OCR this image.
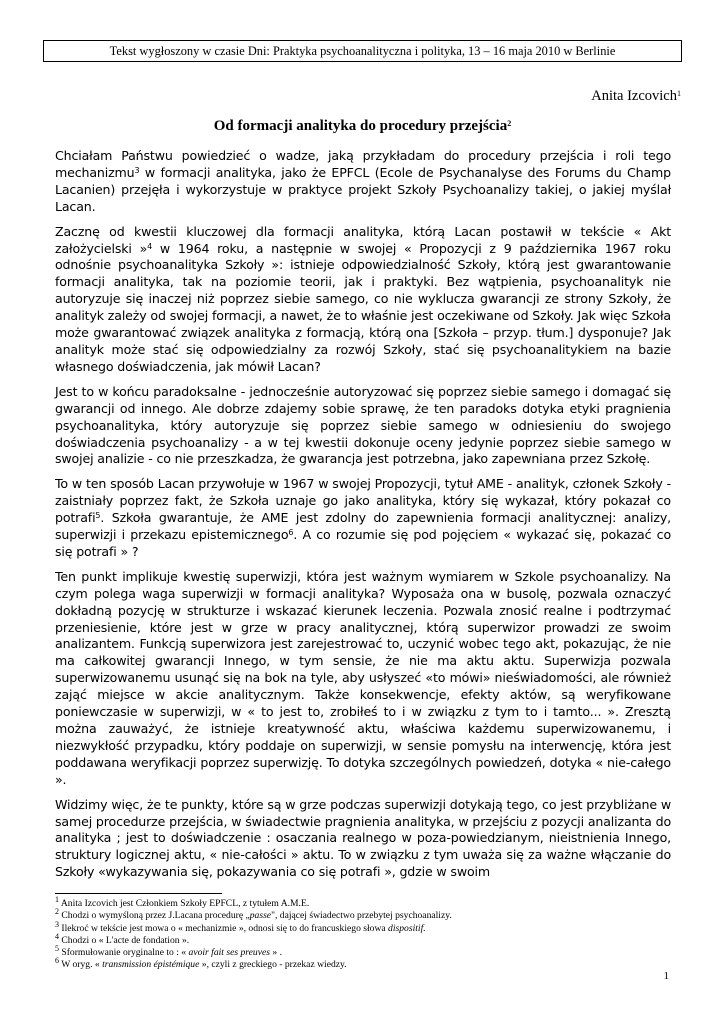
Tekst wygłoszony w czasie Dni: Praktyka psychoanalityczna i polityka, 13 – 16 maja 2010 w Berlinie
Anita Izcovich$^1$
Od formacji analityka do procedury przejścia$^2$

Chciałam Państwu powiedzieć o wadze, jaką przykładam do procedury przejścia i roli tego mechanizmu$^3$ w formacji analityka, jako że EPFCL (Ecole de Psychanalyse des Forums du Champ Lacanien) przejęła i wykorzystuje w praktyce projekt Szkoły Psychoanalizy takiej, o jakiej myślał Lacan.

Zacznę od kwestii kluczowej dla formacji analityka, którą Lacan postawił w tekście « Akt założycielski »$^4$ w 1964 roku, a następnie w swojej « Propozycji z 9 października 1967 roku odnośnie psychoanalityka Szkoły »: istnieje odpowiedzialność Szkoły, którą jest gwarantowanie formacji analityka, tak na poziomie teorii, jak i praktyki. Bez wątpienia, psychoanalityk nie autoryzuje się inaczej niż poprzez siebie samego, co nie wyklucza gwarancji ze strony Szkoły, że analityk zależy od swojej formacji, a nawet, że to właśnie jest oczekiwane od Szkoły. Jak więc Szkoła może gwarantować związek analityka z formacją, którą ona [Szkoła – przyp. tłum.] dysponuje? Jak analityk może stać się odpowiedzialny za rozwój Szkoły, stać się psychoanalitykiem na bazie własnego doświadczenia, jak mówił Lacan?

Jest to w końcu paradoksalne - jednocześnie autoryzować się poprzez siebie samego i domagać się gwarancji od innego. Ale dobrze zdajemy sobie sprawę, że ten paradoks dotyka etyki pragnienia psychoanalityka, który autoryzuje się poprzez siebie samego w odniesieniu do swojego doświadczenia psychoanalizy - a w tej kwestii dokonuje oceny jedynie poprzez siebie samego w swojej analizie - co nie przeszkadza, że gwarancja jest potrzebna, jako zapewniana przez Szkołę.

To w ten sposób Lacan przywołuje w 1967 w swojej Propozycji, tytuł AME - analityk, członek Szkoły - zaistniały poprzez fakt, że Szkoła uznaje go jako analityka, który się wykazał, który pokazał co potrafi$^5$. Szkoła gwarantuje, że AME jest zdolny do zapewnienia formacji analitycznej: analizy, superwizji i przekazu epistemicznego$^6$. A co rozumie się pod pojęciem « wykazać się, pokazać co się potrafi » ?

Ten punkt implikuje kwestię superwizji, która jest ważnym wymiarem w Szkole psychoanalizy. Na czym polega waga superwizji w formacji analityka? Wyposaża ona w busolę, pozwala oznaczyć dokładną pozycję w strukturze i wskazać kierunek leczenia. Pozwala znosić realne i podtrzymać przeniesienie, które jest w grze w pracy analitycznej, którą superwizor prowadzi ze swoim analizantem. Funkcją superwizora jest zarejestrować to, uczynić wobec tego akt, pokazując, że nie ma całkowitej gwarancji Innego, w tym sensie, że nie ma aktu aktu. Superwizja pozwala superwizowanemu usunąć się na bok na tyle, aby usłyszeć «to mówi» nieświadomości, ale również zająć miejsce w akcie analitycznym. Także konsekwencje, efekty aktów, są weryfikowane poniewczasie w superwizji, w « to jest to, zrobiłeś to i w związku z tym to i tamto... ». Zresztą można zauważyć, że istnieje kreatywność aktu, właściwa każdemu superwizowanemu, i niezwykłość przypadku, który poddaje on superwizji, w sensie pomysłu na interwencję, która jest poddawana weryfikacji poprzez superwizję. To dotyka szczególnych powiedzeń, dotyka « nie-całego ».

Widzimy więc, że te punkty, które są w grze podczas superwizji dotykają tego, co jest przybliżane w samej procedurze przejścia, w świadectwie pragnienia analityka, w przejściu z pozycji analizanta do analityka ; jest to doświadczenie : osaczania realnego w poza-powiedzianym, nieistnienia Innego, struktury logicznej aktu, « nie-całości » aktu. To w związku z tym uważa się za ważne włączanie do Szkoły «wykazywania się, pokazywania co się potrafi », gdzie w swoim

$^1$ Anita Izcovich jest Członkiem Szkoły EPFCL, z tytułem A.M.E.
$^2$ Chodzi o wymyśloną przez J.Lacana procedurę „passe", dającej świadectwo przebytej psychoanalizy.
$^3$ Ilekroć w tekście jest mowa o « mechanizmie », odnosi się to do francuskiego słowa dispositif.
$^4$ Chodzi o « L'acte de fondation ».
$^5$ Sformułowanie oryginalne to : « avoir fait ses preuves » .
$^6$ W oryg. « transmission épistémique », czyli z greckiego - przekaz wiedzy.
1
